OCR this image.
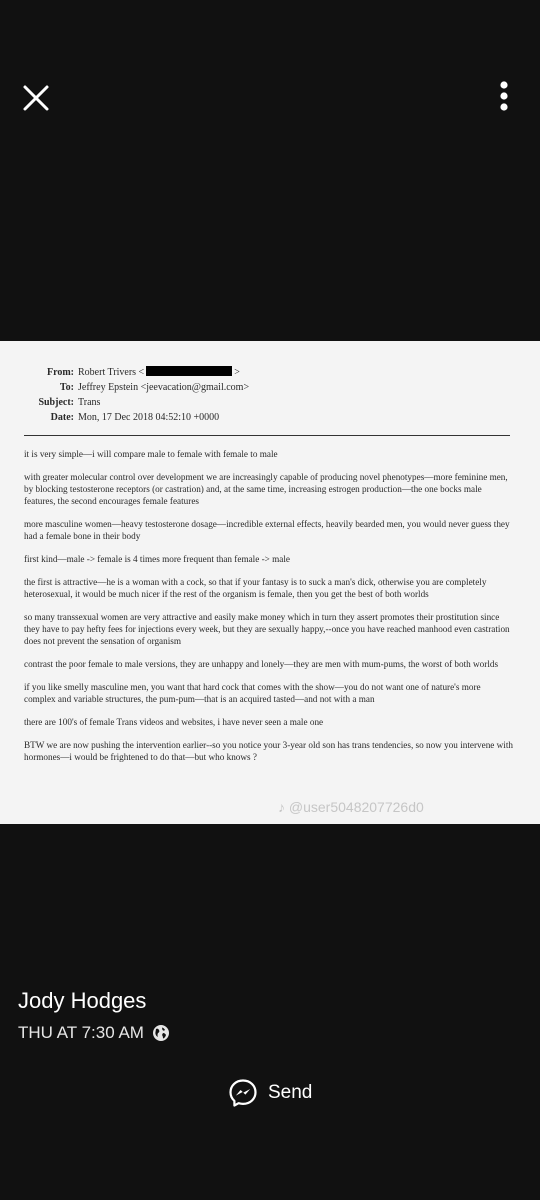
From: Robert Trivers <	>
To: Jeffrey Epstein <jeevacation@gmail.com>
Subject: Trans
Date: Mon, 17 Dec 2018 04:52:10 +0000

it is very simple—i will compare male to female with female to male

with greater molecular control over development we are increasingly capable of producing novel phenotypes—more feminine men, by blocking testosterone receptors (or castration) and, at the same time, increasing estrogen production—the one bocks male features, the second encourages female features

more masculine women—heavy testosterone dosage—incredible external effects, heavily bearded men, you would never guess they had a female bone in their body

first kind—male -> female is 4 times more frequent than female -> male

the first is attractive—he is a woman with a cock, so that if your fantasy is to suck a man's dick, otherwise you are completely heterosexual, it would be much nicer if the rest of the organism is female, then you get the best of both worlds

so many transsexual women are very attractive and easily make money which in turn they assert promotes their prostitution since they have to pay hefty fees for injections every week, but they are sexually happy,--once you have reached manhood even castration does not prevent the sensation of organism

contrast the poor female to male versions, they are unhappy and lonely—they are men with mum-pums, the worst of both worlds

if you like smelly masculine men, you want that hard cock that comes with the show—you do not want one of nature's more complex and variable structures, the pum-pum—that is an acquired tasted—and not with a man

there are 100's of female Trans videos and websites, i have never seen a male one

BTW we are now pushing the intervention earlier--so you notice your 3-year old son has trans tendencies, so now you intervene with hormones—i would be frightened to do that—but who knows ?

♪ @user5048207726d0
Jody Hodges
THU AT 7:30 AM
Send
